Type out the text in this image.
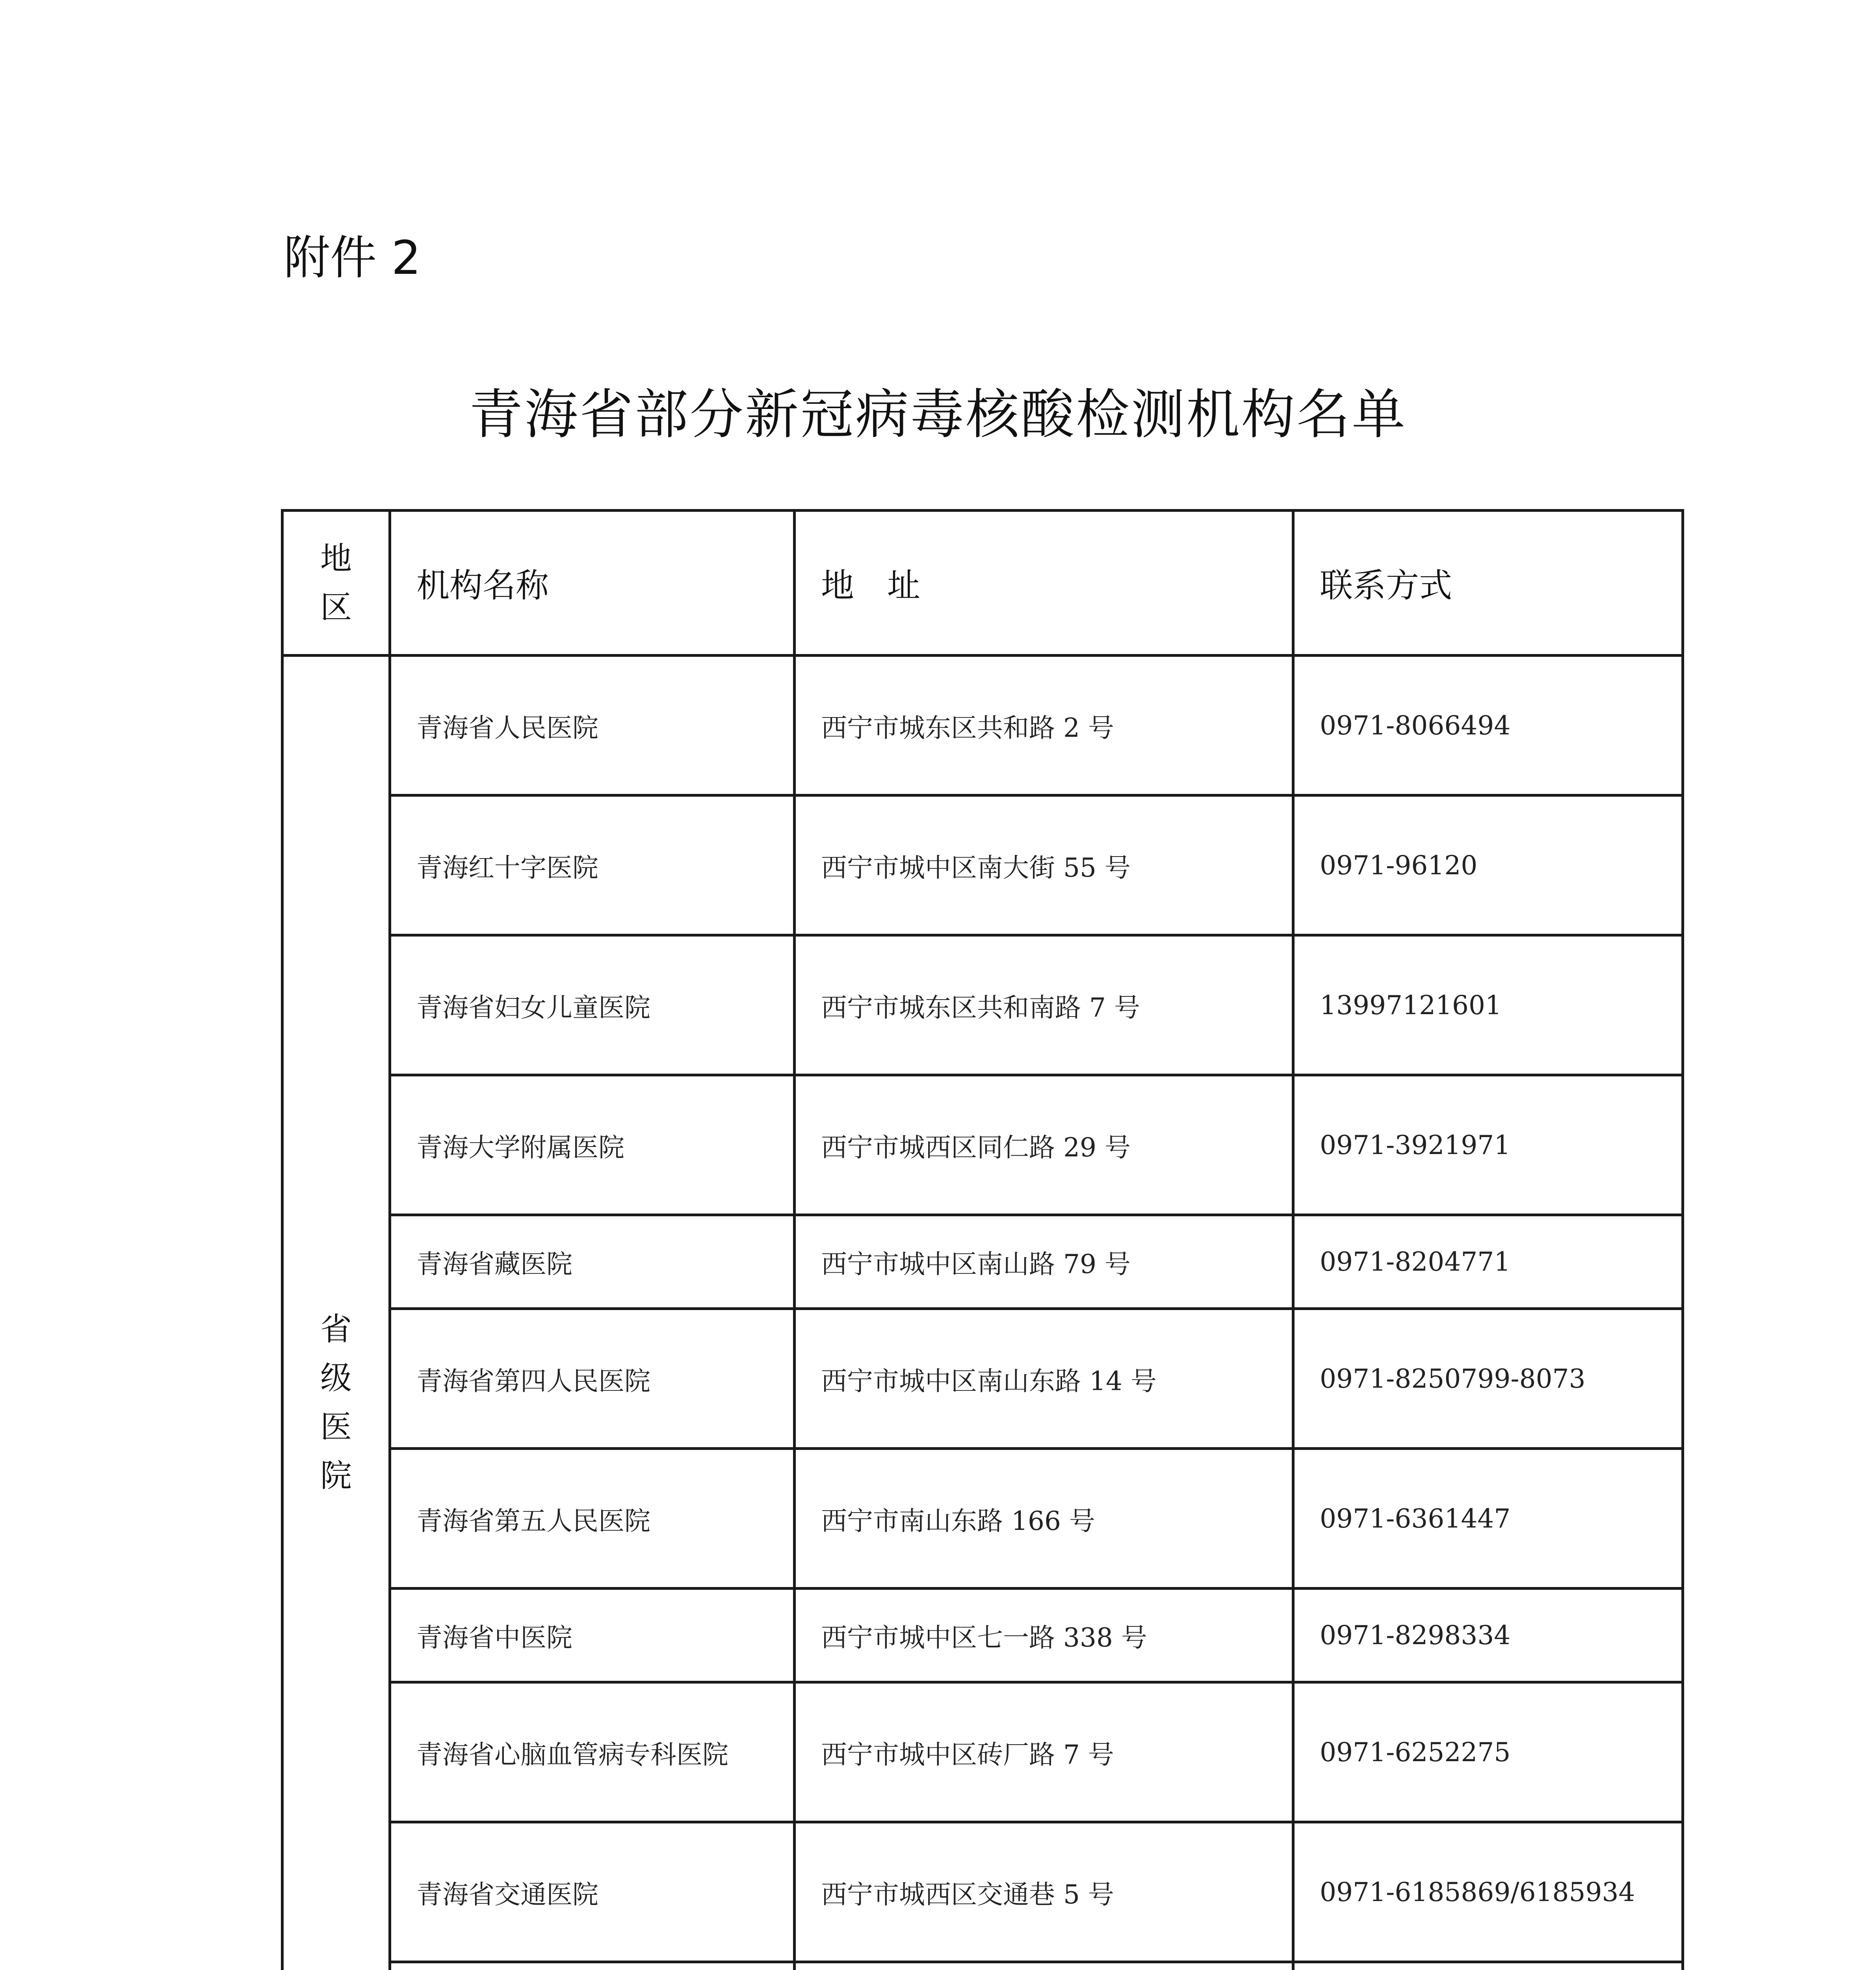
附件 2
青海省部分新冠病毒核酸检测机构名单
地区	机构名称	地　址	联系方式
省级医院	青海省人民医院	西宁市城东区共和路 2 号	0971-8066494
	青海红十字医院	西宁市城中区南大街 55 号	0971-96120
	青海省妇女儿童医院	西宁市城东区共和南路 7 号	13997121601
	青海大学附属医院	西宁市城西区同仁路 29 号	0971-3921971
	青海省藏医院	西宁市城中区南山路 79 号	0971-8204771
	青海省第四人民医院	西宁市城中区南山东路 14 号	0971-8250799-8073
	青海省第五人民医院	西宁市南山东路 166 号	0971-6361447
	青海省中医院	西宁市城中区七一路 338 号	0971-8298334
	青海省心脑血管病专科医院	西宁市城中区砖厂路 7 号	0971-6252275
	青海省交通医院	西宁市城西区交通巷 5 号	0971-6185869/6185934
